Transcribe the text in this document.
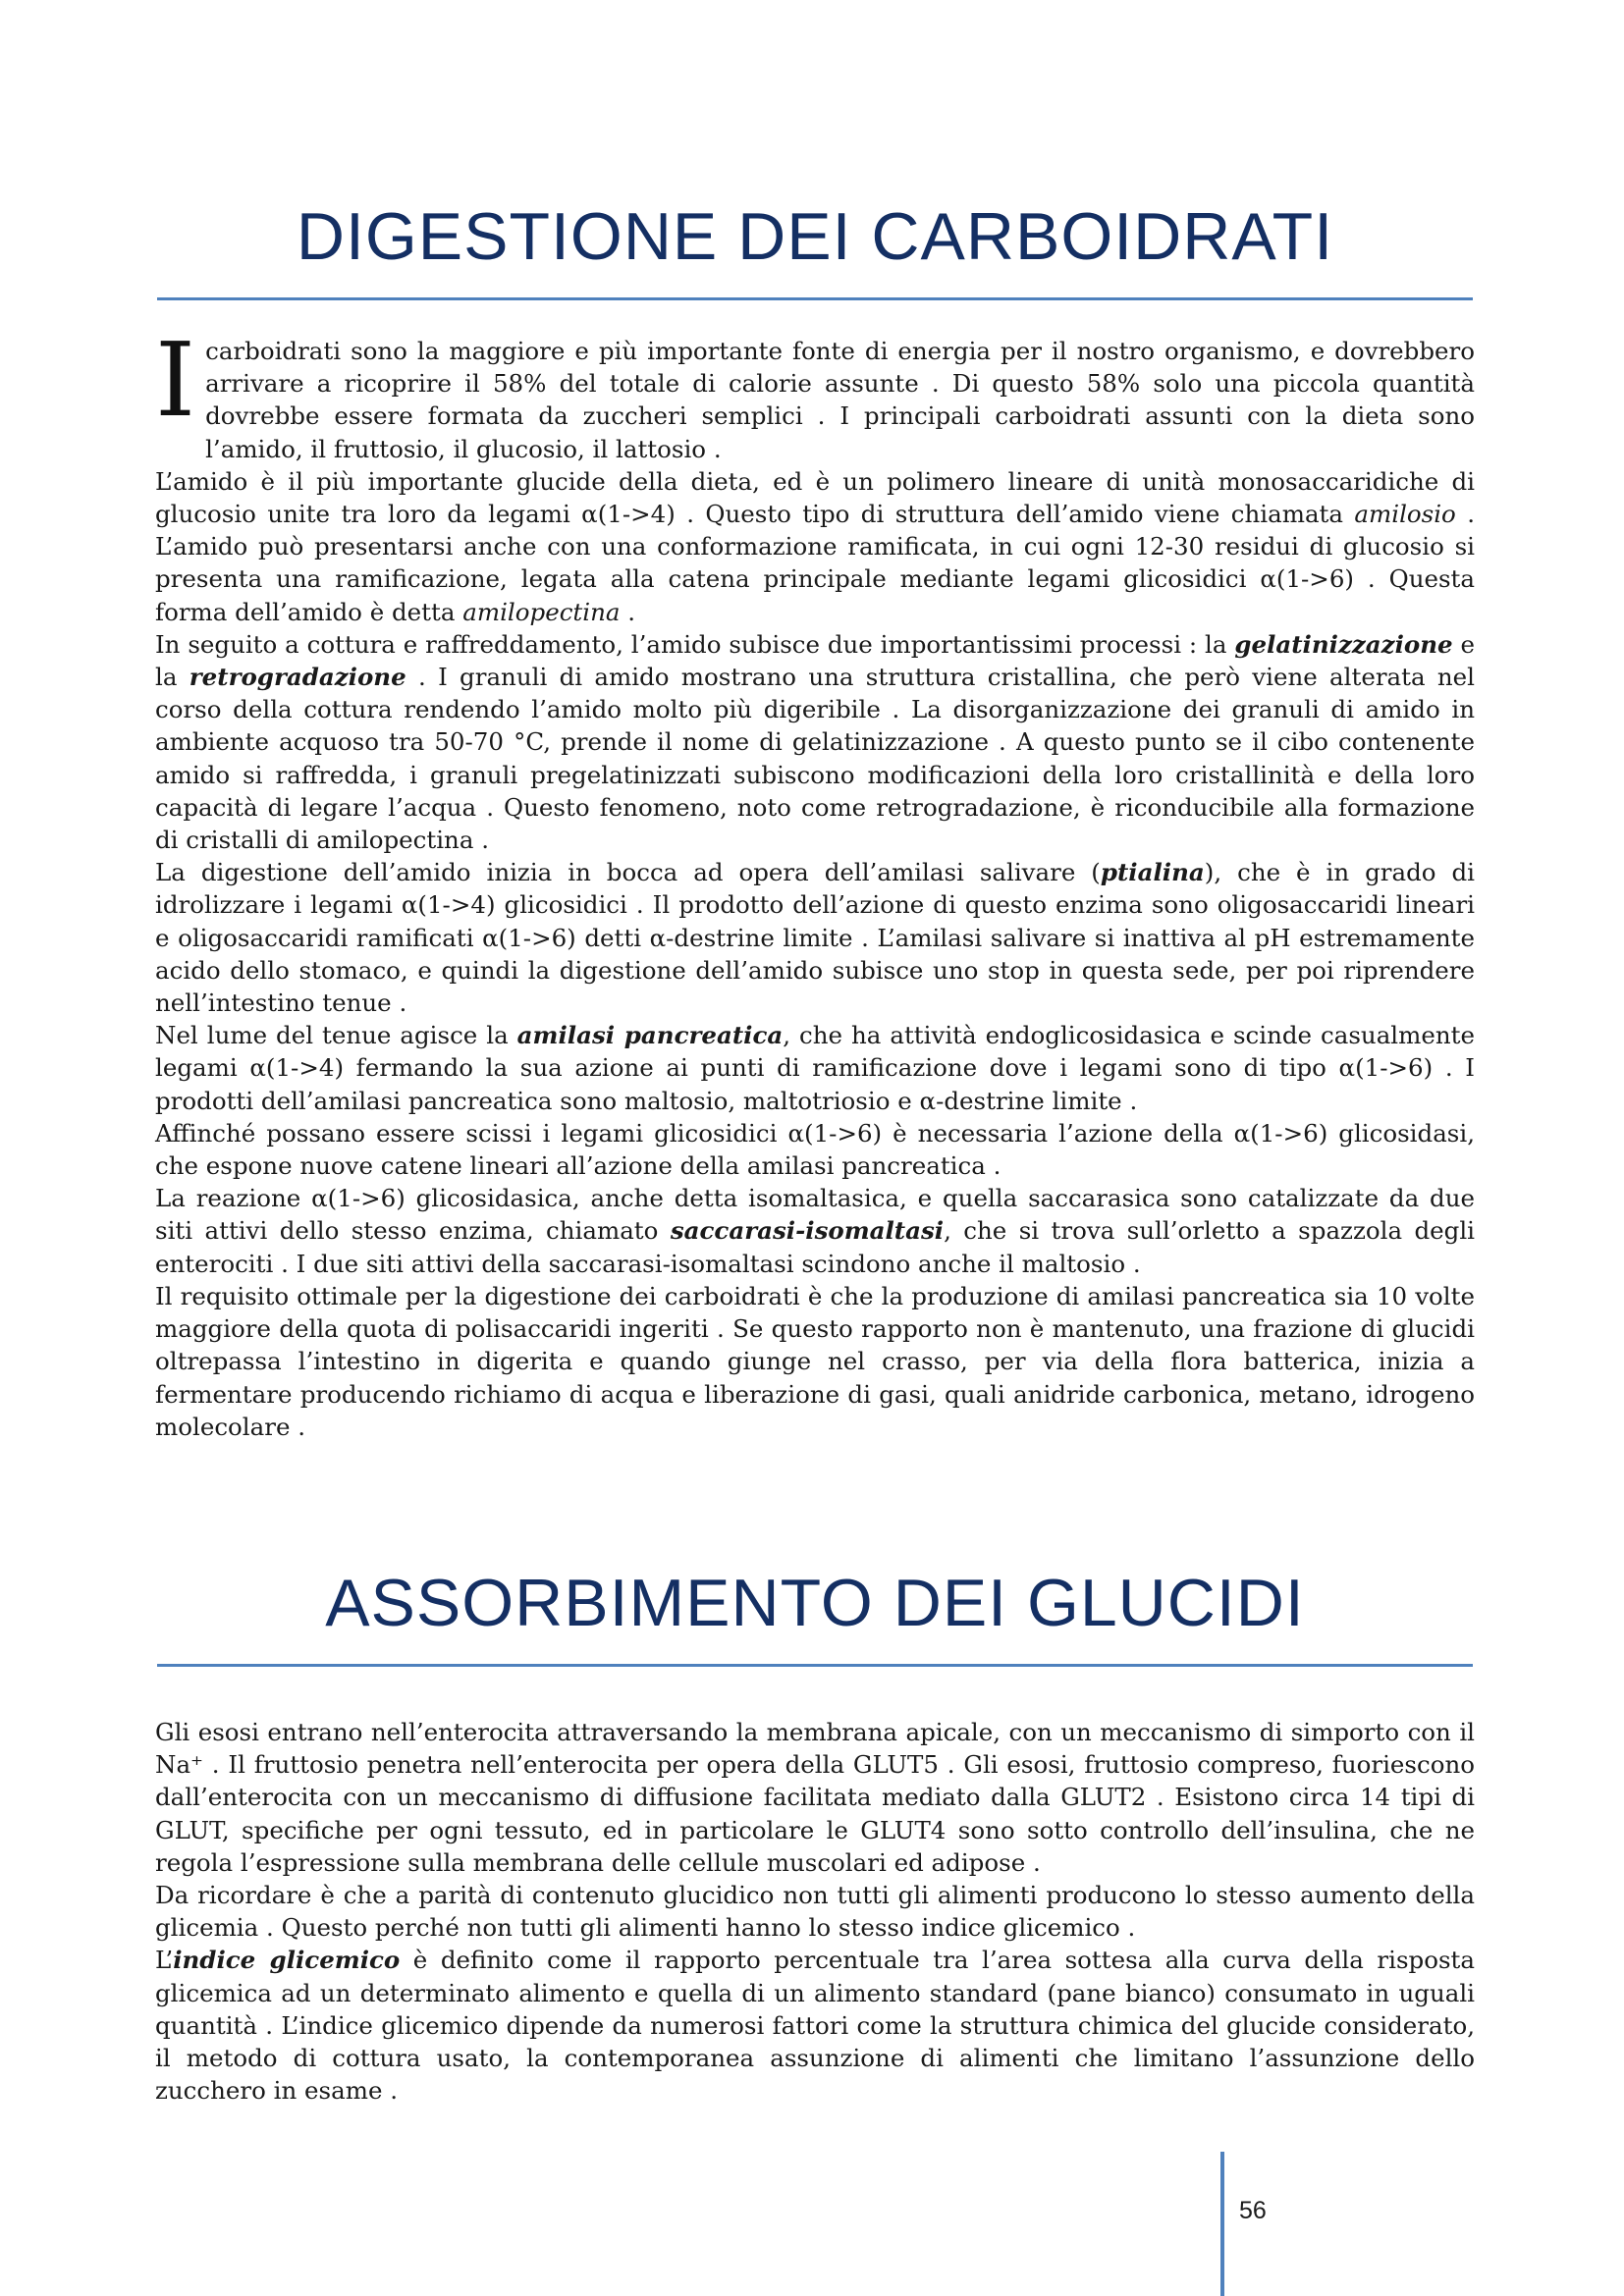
DIGESTIONE DEI CARBOIDRATI

Icarboidrati sono la maggiore e più importante fonte di energia per il nostro organismo, e dovrebbero arrivare a ricoprire il 58% del totale di calorie assunte . Di questo 58% solo una piccola quantità dovrebbe essere formata da zuccheri semplici . I principali carboidrati assunti con la dieta sono l’amido, il fruttosio, il glucosio, il lattosio .

L’amido è il più importante glucide della dieta, ed è un polimero lineare di unità monosaccaridiche di glucosio unite tra loro da legami α(1->4) . Questo tipo di struttura dell’amido viene chiamata amilosio . L’amido può presentarsi anche con una conformazione ramificata, in cui ogni 12-30 residui di glucosio si presenta una ramificazione, legata alla catena principale mediante legami glicosidici α(1->6) . Questa forma dell’amido è detta amilopectina .

In seguito a cottura e raffreddamento, l’amido subisce due importantissimi processi : la gelatinizzazione e la retrogradazione . I granuli di amido mostrano una struttura cristallina, che però viene alterata nel corso della cottura rendendo l’amido molto più digeribile . La disorganizzazione dei granuli di amido in ambiente acquoso tra 50-70 °C, prende il nome di gelatinizzazione . A questo punto se il cibo contenente amido si raffredda, i granuli pregelatinizzati subiscono modificazioni della loro cristallinità e della loro capacità di legare l’acqua . Questo fenomeno, noto come retrogradazione, è riconducibile alla formazione di cristalli di amilopectina .

La digestione dell’amido inizia in bocca ad opera dell’amilasi salivare (ptialina), che è in grado di idrolizzare i legami α(1->4) glicosidici . Il prodotto dell’azione di questo enzima sono oligosaccaridi lineari e oligosaccaridi ramificati α(1->6) detti α-destrine limite . L’amilasi salivare si inattiva al pH estremamente acido dello stomaco, e quindi la digestione dell’amido subisce uno stop in questa sede, per poi riprendere nell’intestino tenue .

Nel lume del tenue agisce la amilasi pancreatica, che ha attività endoglicosidasica e scinde casualmente legami α(1->4) fermando la sua azione ai punti di ramificazione dove i legami sono di tipo α(1->6) . I prodotti dell’amilasi pancreatica sono maltosio, maltotriosio e α-destrine limite .

Affinché possano essere scissi i legami glicosidici α(1->6) è necessaria l’azione della α(1->6) glicosidasi, che espone nuove catene lineari all’azione della amilasi pancreatica .

La reazione α(1->6) glicosidasica, anche detta isomaltasica, e quella saccarasica sono catalizzate da due siti attivi dello stesso enzima, chiamato saccarasi-isomaltasi, che si trova sull’orletto a spazzola degli enterociti . I due siti attivi della saccarasi-isomaltasi scindono anche il maltosio .

Il requisito ottimale per la digestione dei carboidrati è che la produzione di amilasi pancreatica sia 10 volte maggiore della quota di polisaccaridi ingeriti . Se questo rapporto non è mantenuto, una frazione di glucidi oltrepassa l’intestino in digerita e quando giunge nel crasso, per via della flora batterica, inizia a fermentare producendo richiamo di acqua e liberazione di gasi, quali anidride carbonica, metano, idrogeno molecolare .

ASSORBIMENTO DEI GLUCIDI

Gli esosi entrano nell’enterocita attraversando la membrana apicale, con un meccanismo di simporto con il Na⁺ . Il fruttosio penetra nell’enterocita per opera della GLUT5 . Gli esosi, fruttosio compreso, fuoriescono dall’enterocita con un meccanismo di diffusione facilitata mediato dalla GLUT2 . Esistono circa 14 tipi di GLUT, specifiche per ogni tessuto, ed in particolare le GLUT4 sono sotto controllo dell’insulina, che ne regola l’espressione sulla membrana delle cellule muscolari ed adipose .

Da ricordare è che a parità di contenuto glucidico non tutti gli alimenti producono lo stesso aumento della glicemia . Questo perché non tutti gli alimenti hanno lo stesso indice glicemico .

L’indice glicemico è definito come il rapporto percentuale tra l’area sottesa alla curva della risposta glicemica ad un determinato alimento e quella di un alimento standard (pane bianco) consumato in uguali quantità . L’indice glicemico dipende da numerosi fattori come la struttura chimica del glucide considerato, il metodo di cottura usato, la contemporanea assunzione di alimenti che limitano l’assunzione dello zucchero in esame .

56
